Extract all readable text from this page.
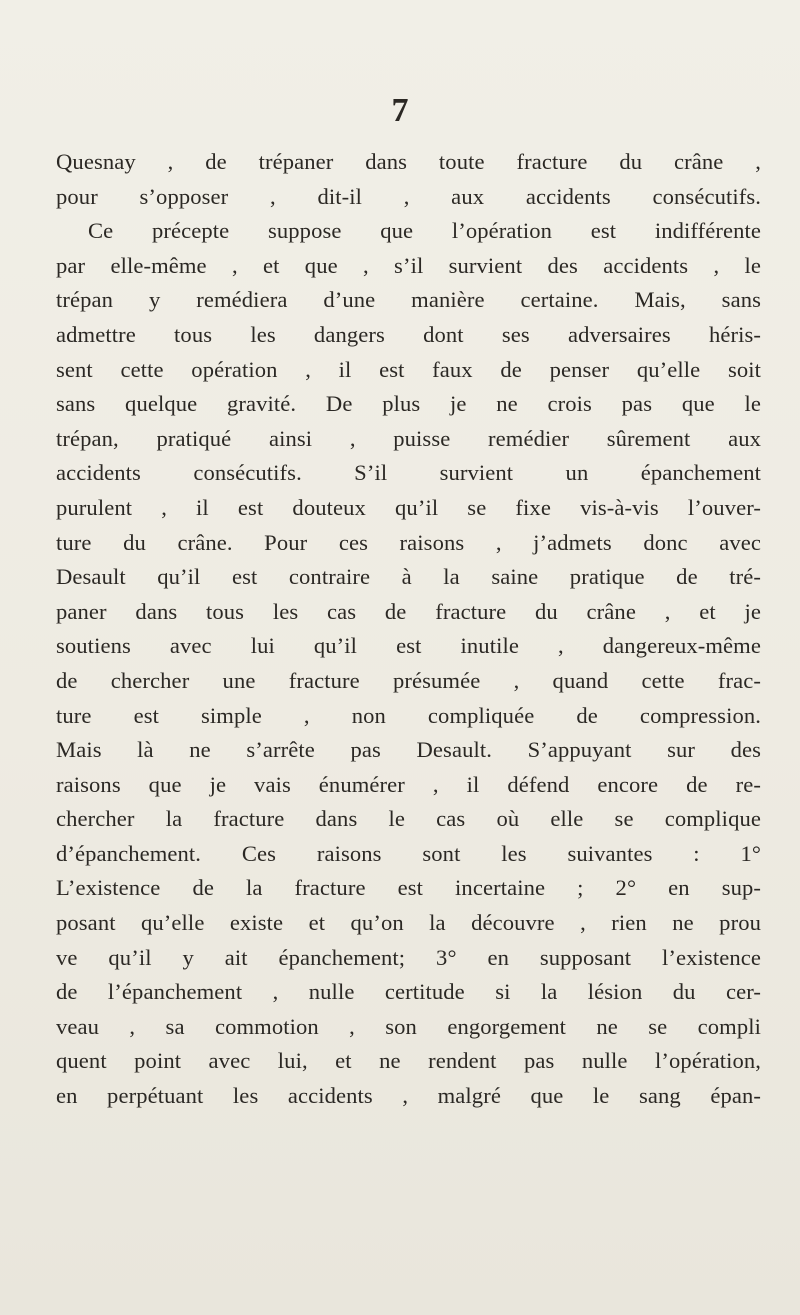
7
Quesnay , de trépaner dans toute fracture du crâne ,
pour s’opposer , dit-il , aux accidents consécutifs.
Ce précepte suppose que l’opération est indifférente
par elle-même , et que , s’il survient des accidents , le
trépan y remédiera d’une manière certaine. Mais, sans
admettre tous les dangers dont ses adversaires héris-
sent cette opération , il est faux de penser qu’elle soit
sans quelque gravité. De plus je ne crois pas que le
trépan, pratiqué ainsi , puisse remédier sûrement aux
accidents consécutifs. S’il survient un épanchement
purulent , il est douteux qu’il se fixe vis-à-vis l’ouver-
ture du crâne. Pour ces raisons , j’admets donc avec
Desault qu’il est contraire à la saine pratique de tré-
paner dans tous les cas de fracture du crâne , et je
soutiens avec lui qu’il est inutile , dangereux-même
de chercher une fracture présumée , quand cette frac-
ture est simple , non compliquée de compression.
Mais là ne s’arrête pas Desault. S’appuyant sur des
raisons que je vais énumérer , il défend encore de re-
chercher la fracture dans le cas où elle se complique
d’épanchement. Ces raisons sont les suivantes : 1°
L’existence de la fracture est incertaine ; 2° en sup-
posant qu’elle existe et qu’on la découvre , rien ne prou
ve qu’il y ait épanchement; 3° en supposant l’existence
de l’épanchement , nulle certitude si la lésion du cer-
veau , sa commotion , son engorgement ne se compli
quent point avec lui, et ne rendent pas nulle l’opération,
en perpétuant les accidents , malgré que le sang épan-
